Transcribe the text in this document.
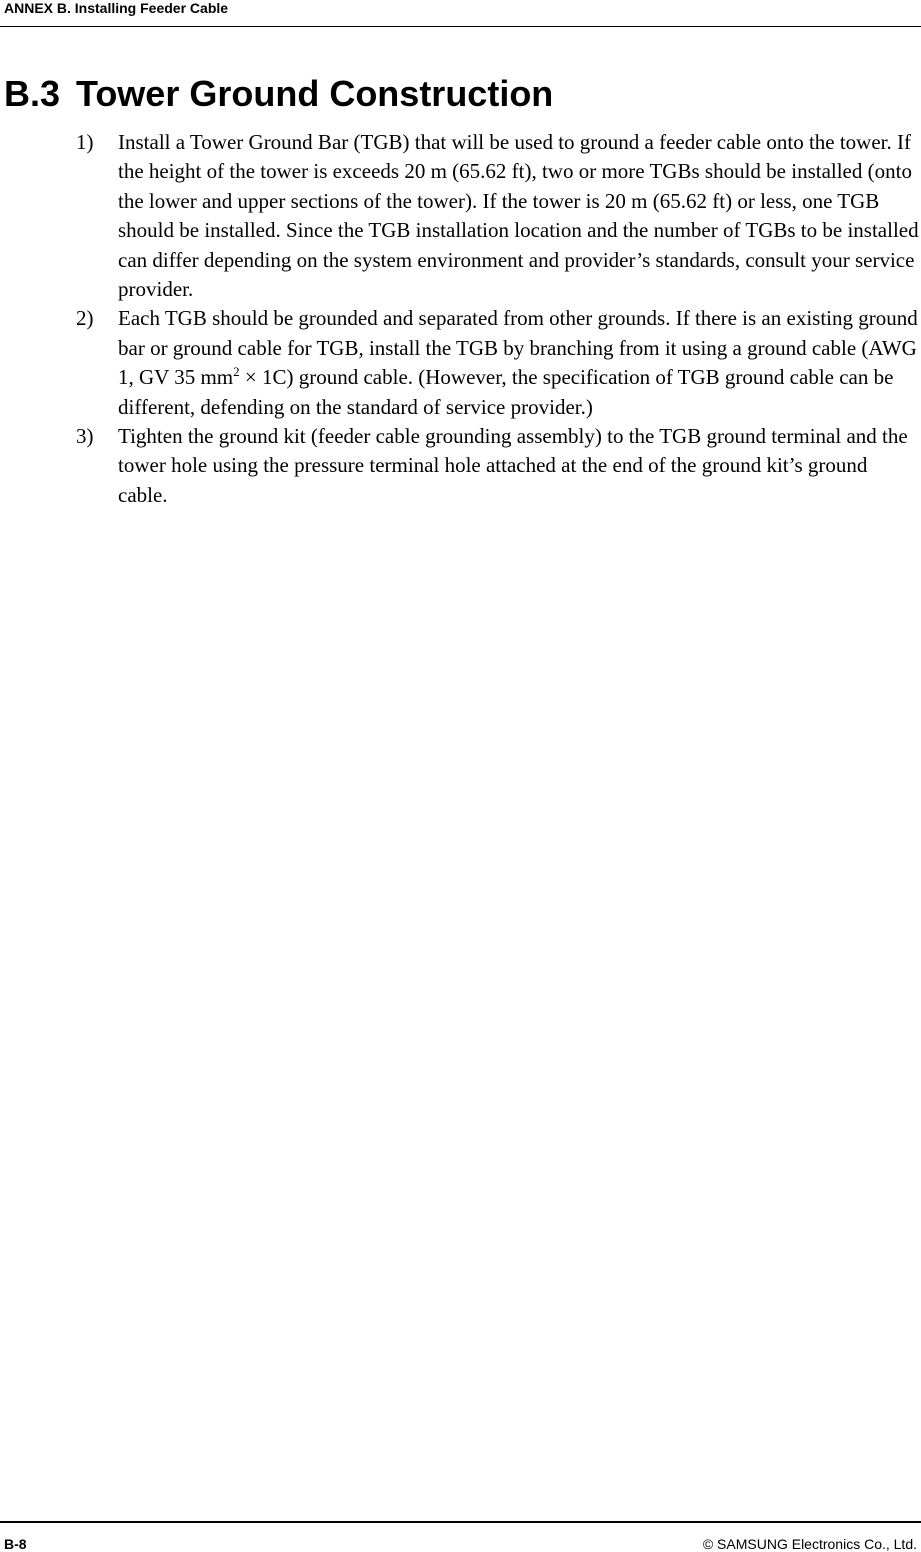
ANNEX B. Installing Feeder Cable
B.3 Tower Ground Construction
1) Install a Tower Ground Bar (TGB) that will be used to ground a feeder cable onto the tower. If the height of the tower is exceeds 20 m (65.62 ft), two or more TGBs should be installed (onto the lower and upper sections of the tower). If the tower is 20 m (65.62 ft) or less, one TGB should be installed. Since the TGB installation location and the number of TGBs to be installed can differ depending on the system environment and provider’s standards, consult your service provider.
2) Each TGB should be grounded and separated from other grounds. If there is an existing ground bar or ground cable for TGB, install the TGB by branching from it using a ground cable (AWG 1, GV 35 $mm^2 \times 1C$) ground cable. (However, the specification of TGB ground cable can be different, defending on the standard of service provider.)
3) Tighten the ground kit (feeder cable grounding assembly) to the TGB ground terminal and the tower hole using the pressure terminal hole attached at the end of the ground kit’s ground cable.
B-8	© SAMSUNG Electronics Co., Ltd.
